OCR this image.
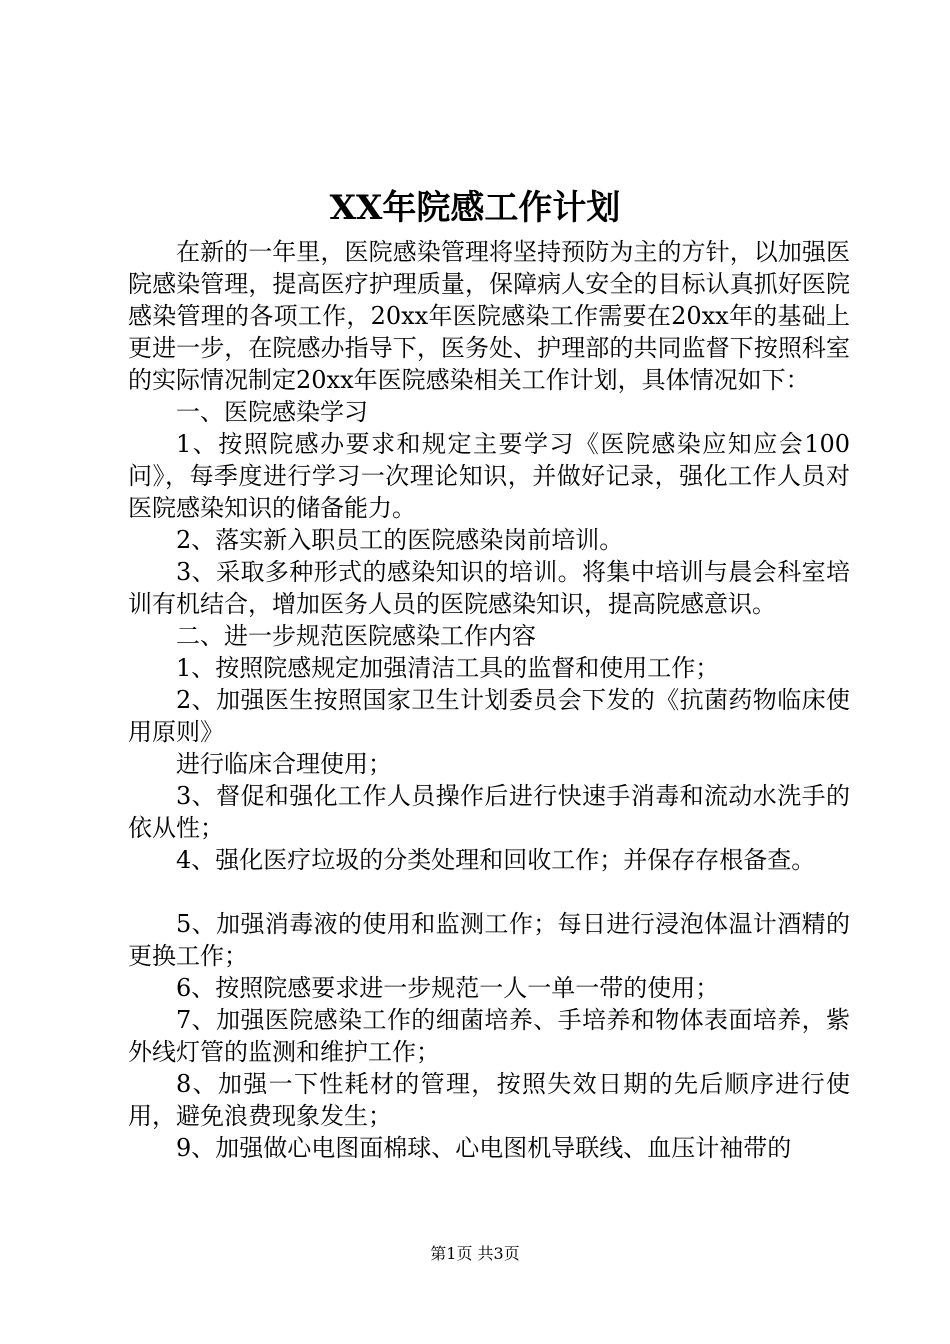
XX年院感工作计划

在新的一年里，医院感染管理将坚持预防为主的方针，以加强医院感染管理，提高医疗护理质量，保障病人安全的目标认真抓好医院感染管理的各项工作，20xx年医院感染工作需要在20xx年的基础上更进一步，在院感办指导下，医务处、护理部的共同监督下按照科室的实际情况制定20xx年医院感染相关工作计划，具体情况如下：

一、医院感染学习

1、按照院感办要求和规定主要学习《医院感染应知应会100问》，每季度进行学习一次理论知识，并做好记录，强化工作人员对医院感染知识的储备能力。

2、落实新入职员工的医院感染岗前培训。

3、采取多种形式的感染知识的培训。将集中培训与晨会科室培训有机结合，增加医务人员的医院感染知识，提高院感意识。

二、进一步规范医院感染工作内容

1、按照院感规定加强清洁工具的监督和使用工作；

2、加强医生按照国家卫生计划委员会下发的《抗菌药物临床使用原则》

进行临床合理使用；

3、督促和强化工作人员操作后进行快速手消毒和流动水洗手的依从性；

4、强化医疗垃圾的分类处理和回收工作；并保存存根备查。

5、加强消毒液的使用和监测工作；每日进行浸泡体温计酒精的更换工作；

6、按照院感要求进一步规范一人一单一带的使用；

7、加强医院感染工作的细菌培养、手培养和物体表面培养，紫外线灯管的监测和维护工作；

8、加强一下性耗材的管理，按照失效日期的先后顺序进行使用，避免浪费现象发生；

9、加强做心电图面棉球、心电图机导联线、血压计袖带的

第1页 共3页
